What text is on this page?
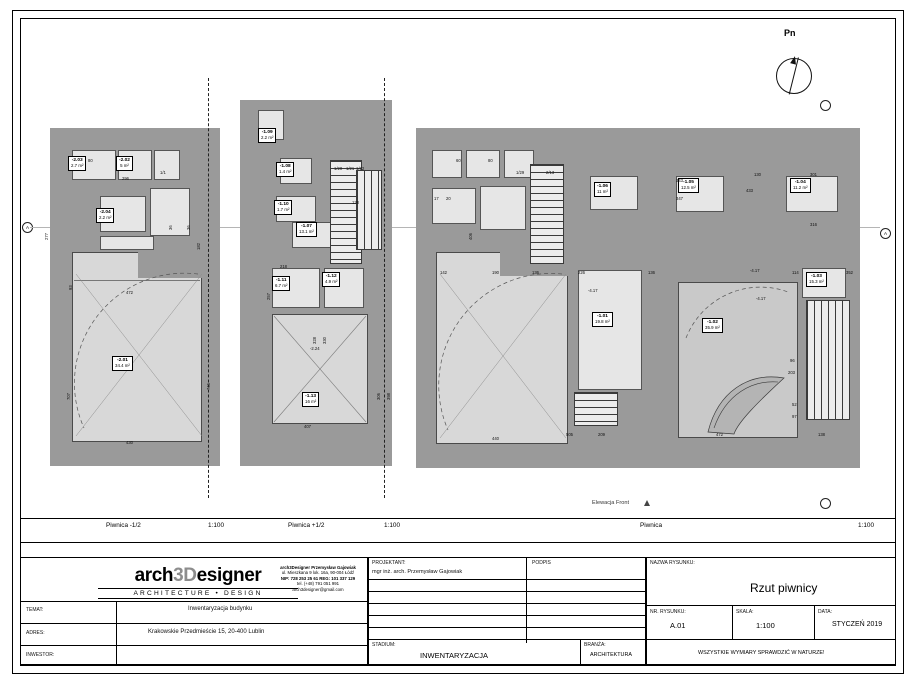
Pn
A
A
-2.01
34.4 m²
-2.03
2.7 m²
-2.02
5 m²
-2.04
2.2 m²
80
296
1/1
430
472
277
93
707
746
36	36
182
-1.09
2.2 m²
-1.08
1.4 m²
-1.10
1.7 m²
-1.07
13.1 m²
-1.11
6.7 m²
-1.12
4.9 m²
-1.13
16 m²
-2.24
218
407
257
306 398
330
328
1/20 1/21 1/22
138
60	80
17 20
1/29	2/13
-1.06
11 m²
-1.05
12.5 m²
-1.04
11.2 m²
-1.03
15.3 m²
-1.01
19.8 m²
-4.17
-1.02
35.9 m²
-4.17
142	190	136	226	136
440
505	209
343
347
130	301
316
114	352
138
203
96
52
97
472
433
-4.17
406
Elewacja Front
Piwnica -1/2	1:100	Piwnica +1/2	1:100	Piwnica	1:100
arch3Designer
ARCHITECTURE • DESIGN
arch3Designer Przemysław Gajowiak
ul. Mieszkana 9 lok. 16a, 90-004 Łódź
NIP: 728 253 25 61 REG: 101 337 129
tel. (+48) 791 051 991
arch3designer@gmail.com
TEMAT:	Inwentaryzacja budynku
ADRES:	Krakowskie Przedmieście 15, 20-400 Lublin
INWESTOR:
PROJEKTANT:
mgr inż. arch. Przemysław Gajowiak
PODPIS
STADIUM:
INWENTARYZACJA
BRANŻA:
ARCHITEKTURA
NAZWA RYSUNKU:
Rzut piwnicy
NR. RYSUNKU:
A.01
SKALA:
1:100
DATA:
STYCZEŃ 2019
WSZYSTKIE WYMIARY SPRAWDZIĆ W NATURZE!
